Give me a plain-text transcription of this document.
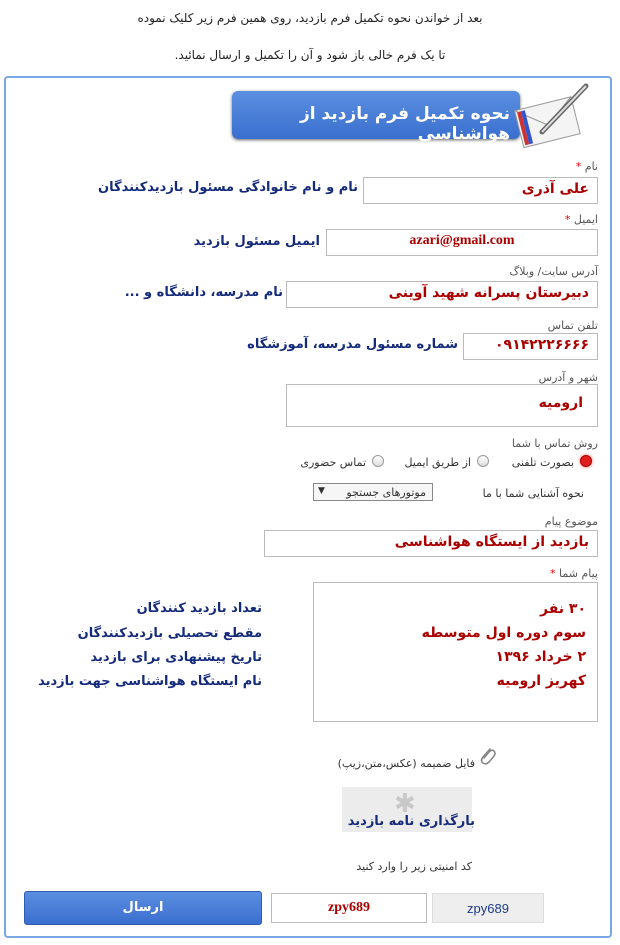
بعد از خواندن نحوه تکمیل فرم بازدید، روی همین فرم زیر کلیک نموده
تا یک فرم خالی باز شود و آن را تکمیل و ارسال نمائید.
نحوه تکمیل فرم بازدید از هواشناسی
نام *
علی آذری
نام و نام خانوادگی مسئول بازدیدکنندگان
ایمیل *
azari@gmail.com
ایمیل مسئول بازدید
آدرس سایت/ وبلاگ
دبیرستان پسرانه شهید آوینی
نام مدرسه، دانشگاه و ...
تلفن تماس
۰۹۱۴۲۲۲۶۶۶۶
شماره مسئول مدرسه، آموزشگاه
شهر و آدرس
ارومیه
روش تماس با شما
بصورت تلفنی
از طریق ایمیل
تماس حضوری
نحوه آشنایی شما با ما
موتورهای جستجو
▼
موضوع پیام
بازدید از ایستگاه هواشناسی
پیام شما *
۳۰ نفر
سوم دوره اول متوسطه
۲ خرداد ۱۳۹۶
کهریز ارومیه
تعداد بازدید کنندگان
مقطع تحصیلی بازدیدکنندگان
تاریخ پیشنهادی برای بازدید
نام ایستگاه هواشناسی جهت بازدید
فایل ضمیمه (عکس،متن،زیپ)
✱
بارگذاری نامه بازدید
کد امنیتی زیر را وارد کنید
zpy689	zpy689
ارسال
